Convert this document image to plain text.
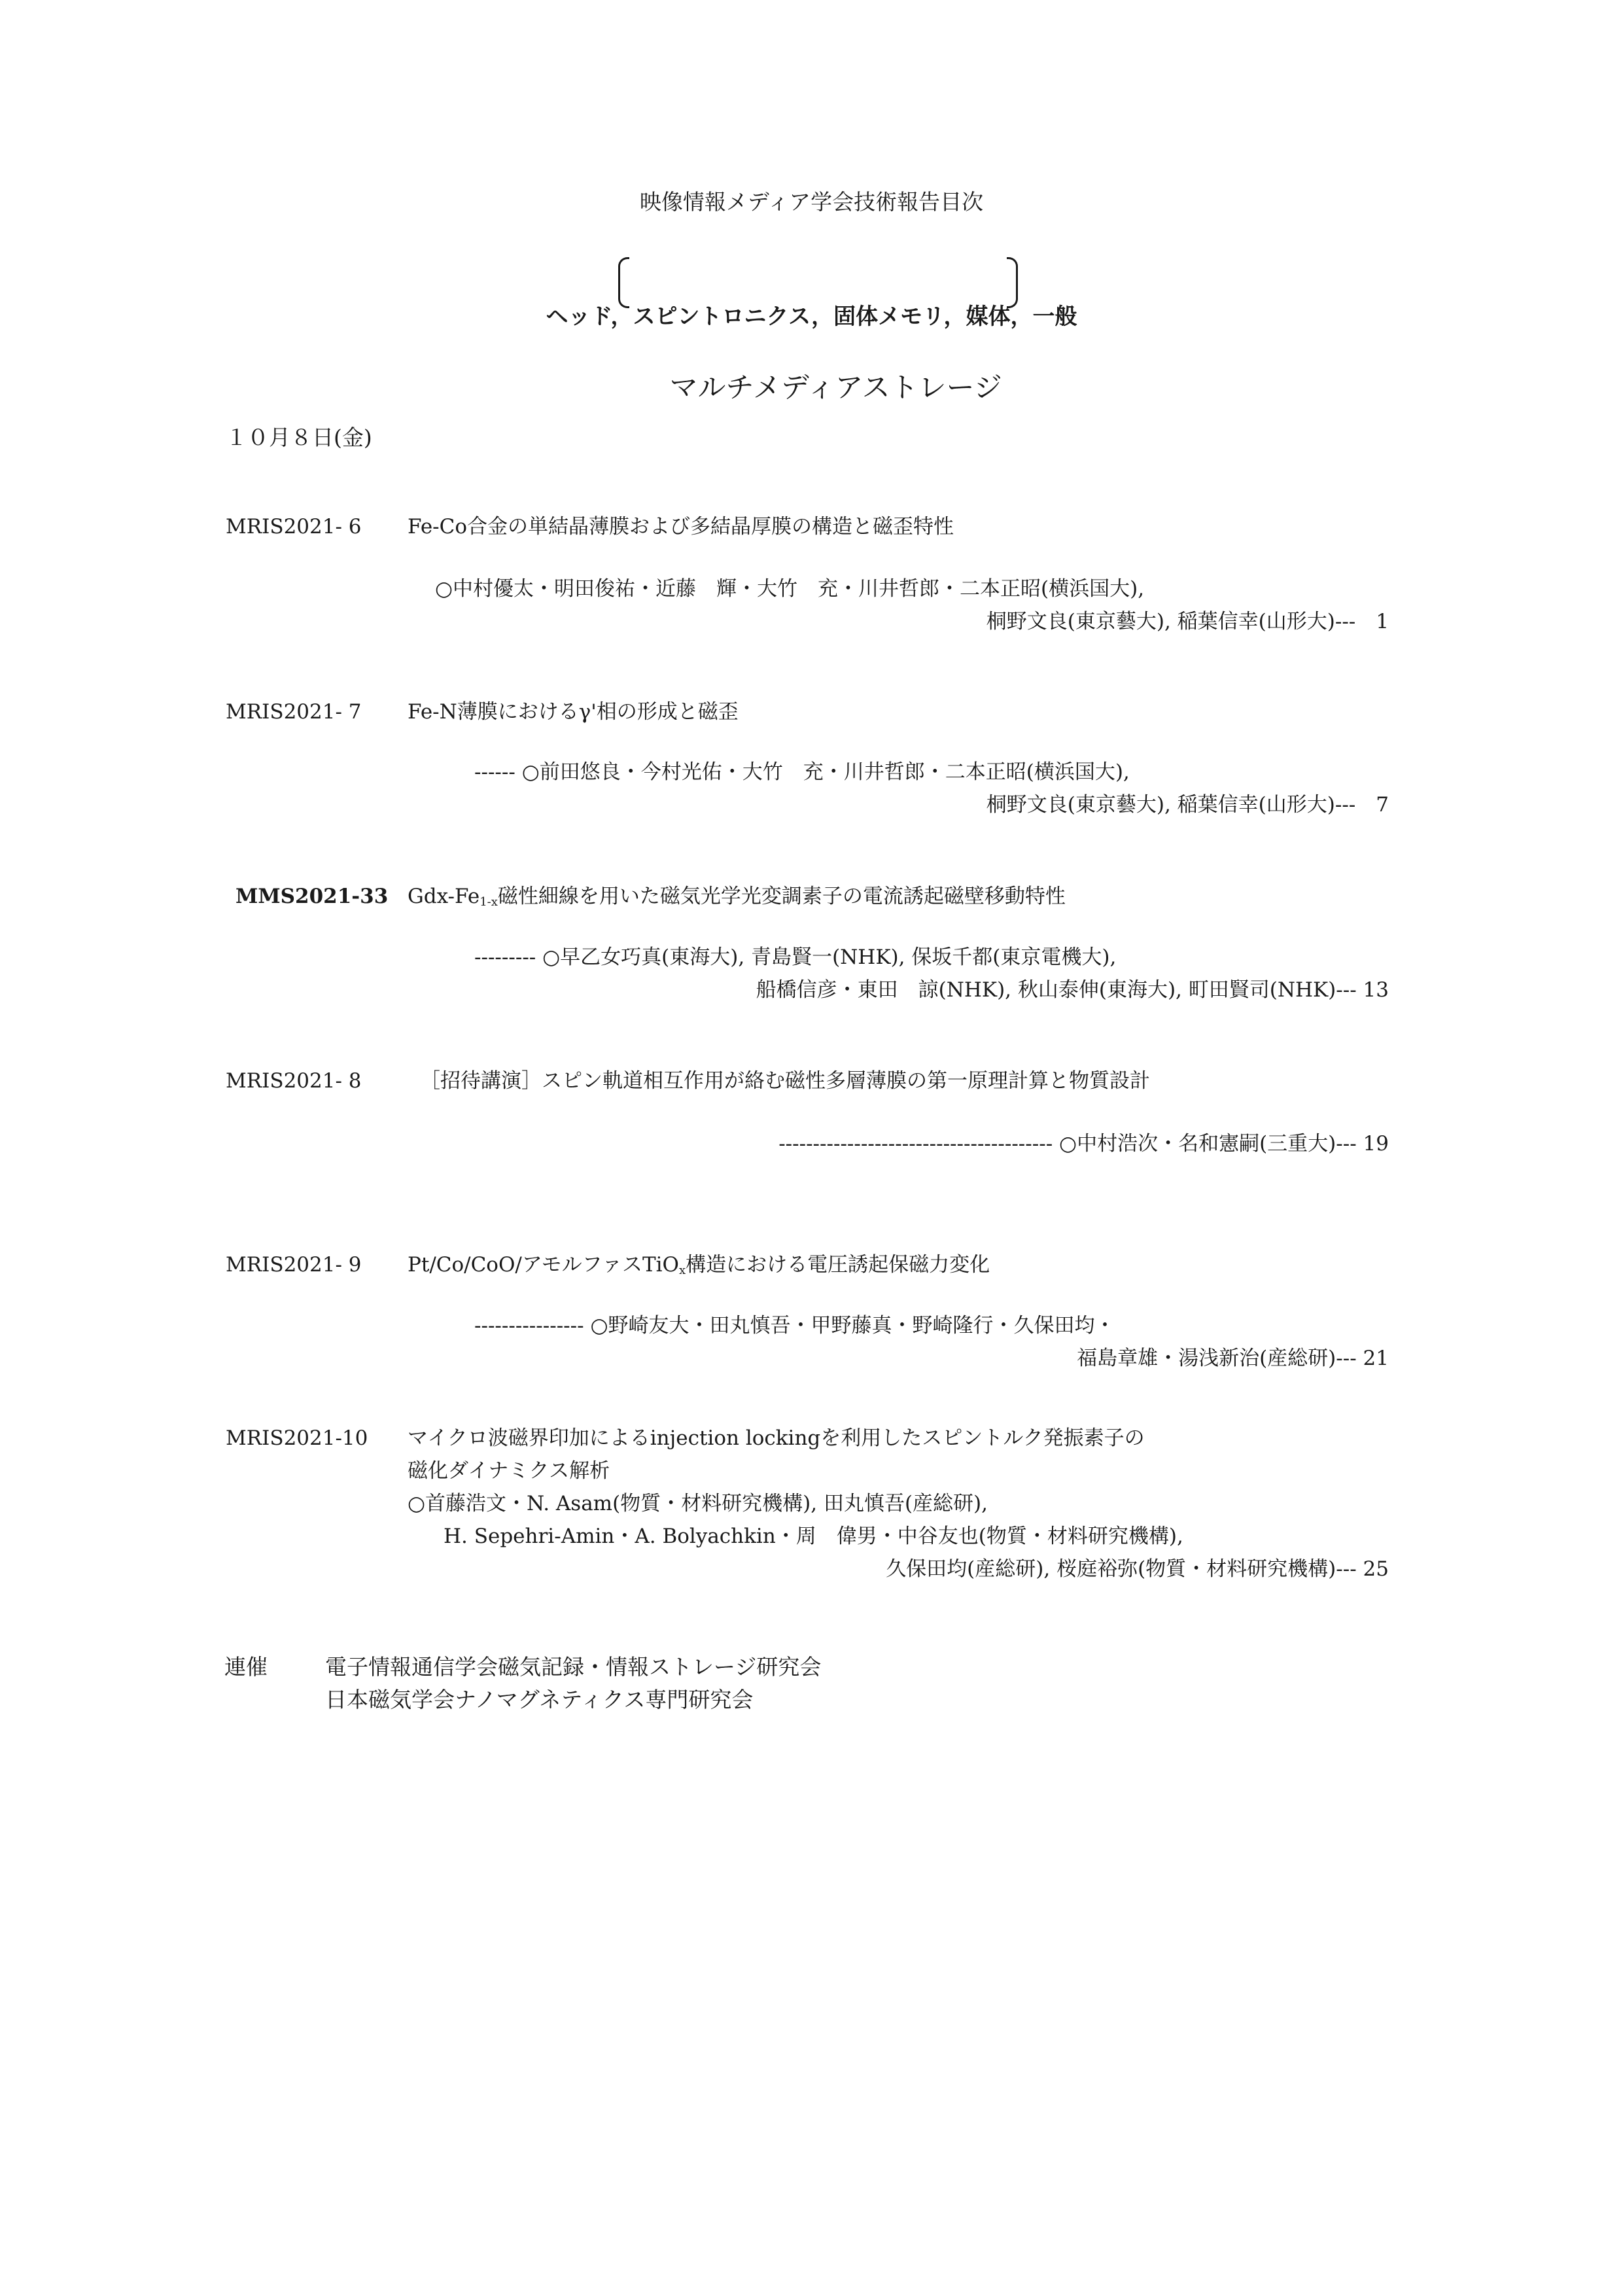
映像情報メディア学会技術報告目次

マルチメディアストレージ

ヘッド，スピントロニクス，固体メモリ，媒体，一般
１０月８日(金)
MRIS2021- 6 Fe-Co合金の単結晶薄膜および多結晶厚膜の構造と磁歪特性
○中村優太・明田俊祐・近藤　輝・大竹　充・川井哲郎・二本正昭(横浜国大),
桐野文良(東京藝大), 稲葉信幸(山形大)---　1
MRIS2021- 7 Fe-N薄膜におけるγ'相の形成と磁歪
------ ○前田悠良・今村光佑・大竹　充・川井哲郎・二本正昭(横浜国大),
桐野文良(東京藝大), 稲葉信幸(山形大)---　7
MMS2021-33 Gdx-$Fe_{1-x}$磁性細線を用いた磁気光学光変調素子の電流誘起磁壁移動特性
--------- ○早乙女巧真(東海大), 青島賢一(NHK), 保坂千都(東京電機大),
船橋信彦・東田　諒(NHK), 秋山泰伸(東海大), 町田賢司(NHK)--- 13
MRIS2021- 8	［招待講演］スピン軌道相互作用が絡む磁性多層薄膜の第一原理計算と物質設計
---------------------------------------- ○中村浩次・名和憲嗣(三重大)--- 19
MRIS2021- 9 Pt/Co/CoO/アモルファスTiO$_x$構造における電圧誘起保磁力変化
---------------- ○野崎友大・田丸慎吾・甲野藤真・野崎隆行・久保田均・
福島章雄・湯浅新治(産総研)--- 21
MRIS2021-10 マイクロ波磁界印加によるinjection lockingを利用したスピントルク発振素子の
磁化ダイナミクス解析
○首藤浩文・N. Asam(物質・材料研究機構), 田丸慎吾(産総研),
H. Sepehri-Amin・A. Bolyachkin・周　偉男・中谷友也(物質・材料研究機構),
久保田均(産総研), 桜庭裕弥(物質・材料研究機構)--- 25
連催	電子情報通信学会磁気記録・情報ストレージ研究会
日本磁気学会ナノマグネティクス専門研究会
